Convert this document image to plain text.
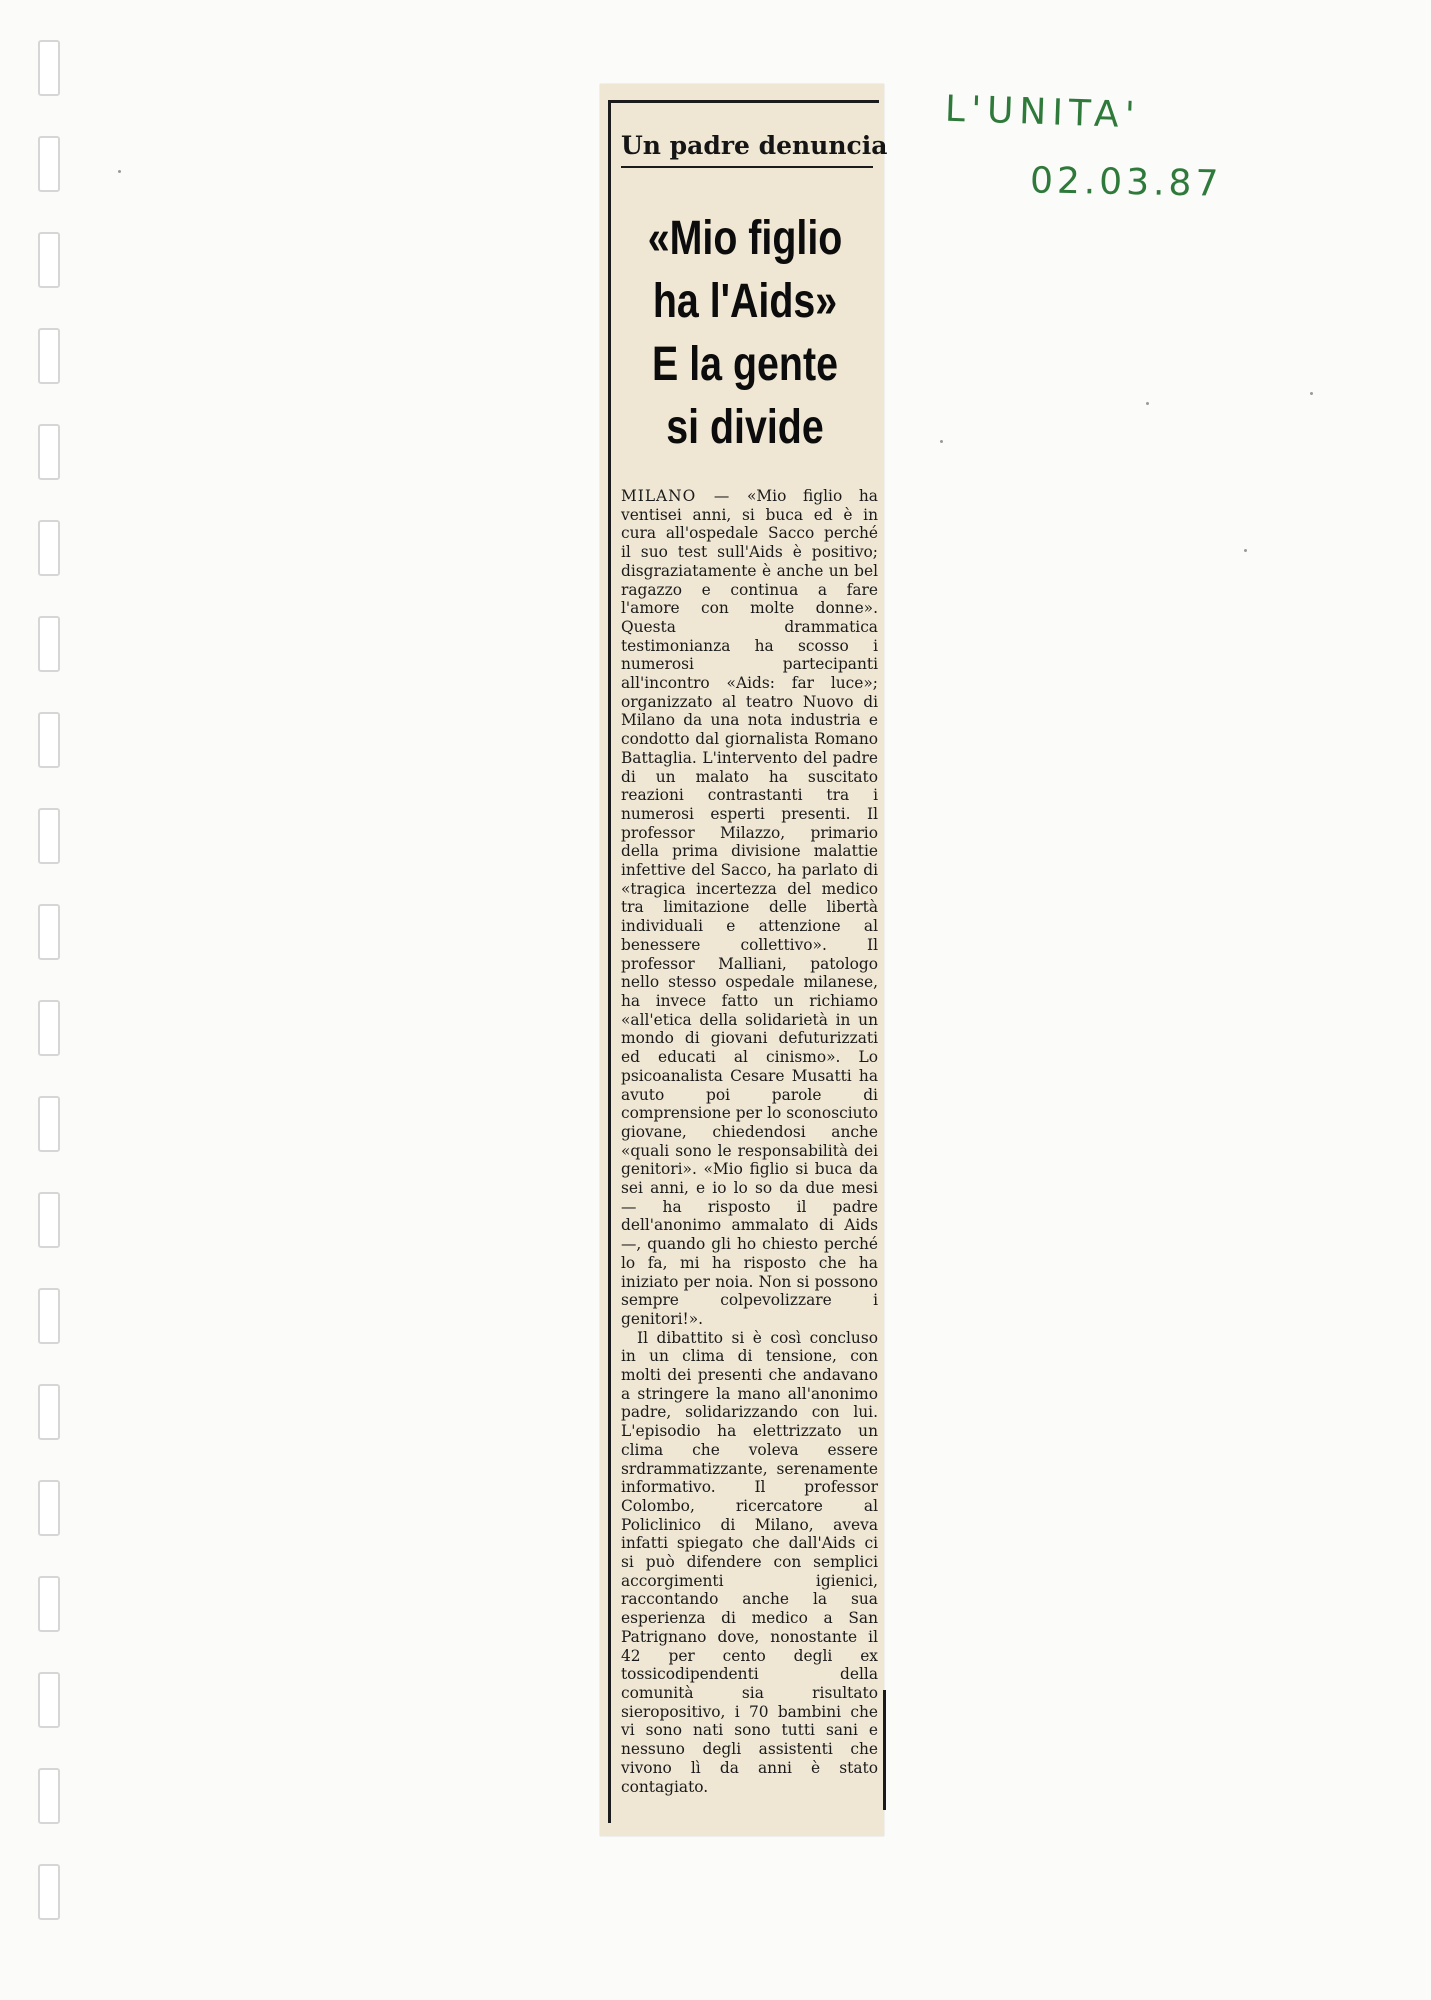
L'UNITA'
02.03.87
Un padre denuncia
«Mio figlio
ha l'Aids»
E la gente
si divide

MILANO — «Mio figlio ha ventisei anni, si buca ed è in cura all'ospedale Sacco perché il suo test sull'Aids è positivo; disgraziatamente è anche un bel ragazzo e continua a fare l'amore con molte donne». Questa drammatica testimonianza ha scosso i numerosi partecipanti all'incontro «Aids: far luce»; organizzato al teatro Nuovo di Milano da una nota industria e condotto dal giornalista Romano Battaglia. L'intervento del padre di un malato ha suscitato reazioni contrastanti tra i numerosi esperti presenti. Il professor Milazzo, primario della prima divisione malattie infettive del Sacco, ha parlato di «tragica incertezza del medico tra limitazione delle libertà individuali e attenzione al benessere collettivo». Il professor Malliani, patologo nello stesso ospedale milanese, ha invece fatto un richiamo «all'etica della solidarietà in un mondo di giovani defuturizzati ed educati al cinismo». Lo psicoanalista Cesare Musatti ha avuto poi parole di comprensione per lo sconosciuto giovane, chiedendosi anche «quali sono le responsabilità dei genitori». «Mio figlio si buca da sei anni, e io lo so da due mesi — ha risposto il padre dell'anonimo ammalato di Aids —, quando gli ho chiesto perché lo fa, mi ha risposto che ha iniziato per noia. Non si possono sempre colpevolizzare i genitori!».

Il dibattito si è così concluso in un clima di tensione, con molti dei presenti che andavano a stringere la mano all'anonimo padre, solidarizzando con lui. L'episodio ha elettrizzato un clima che voleva essere srdrammatizzante, serenamente informativo. Il professor Colombo, ricercatore al Policlinico di Milano, aveva infatti spiegato che dall'Aids ci si può difendere con semplici accorgimenti igienici, raccontando anche la sua esperienza di medico a San Patrignano dove, nonostante il 42 per cento degli ex tossicodipendenti della comunità sia risultato sieropositivo, i 70 bambini che vi sono nati sono tutti sani e nessuno degli assistenti che vivono lì da anni è stato contagiato.
